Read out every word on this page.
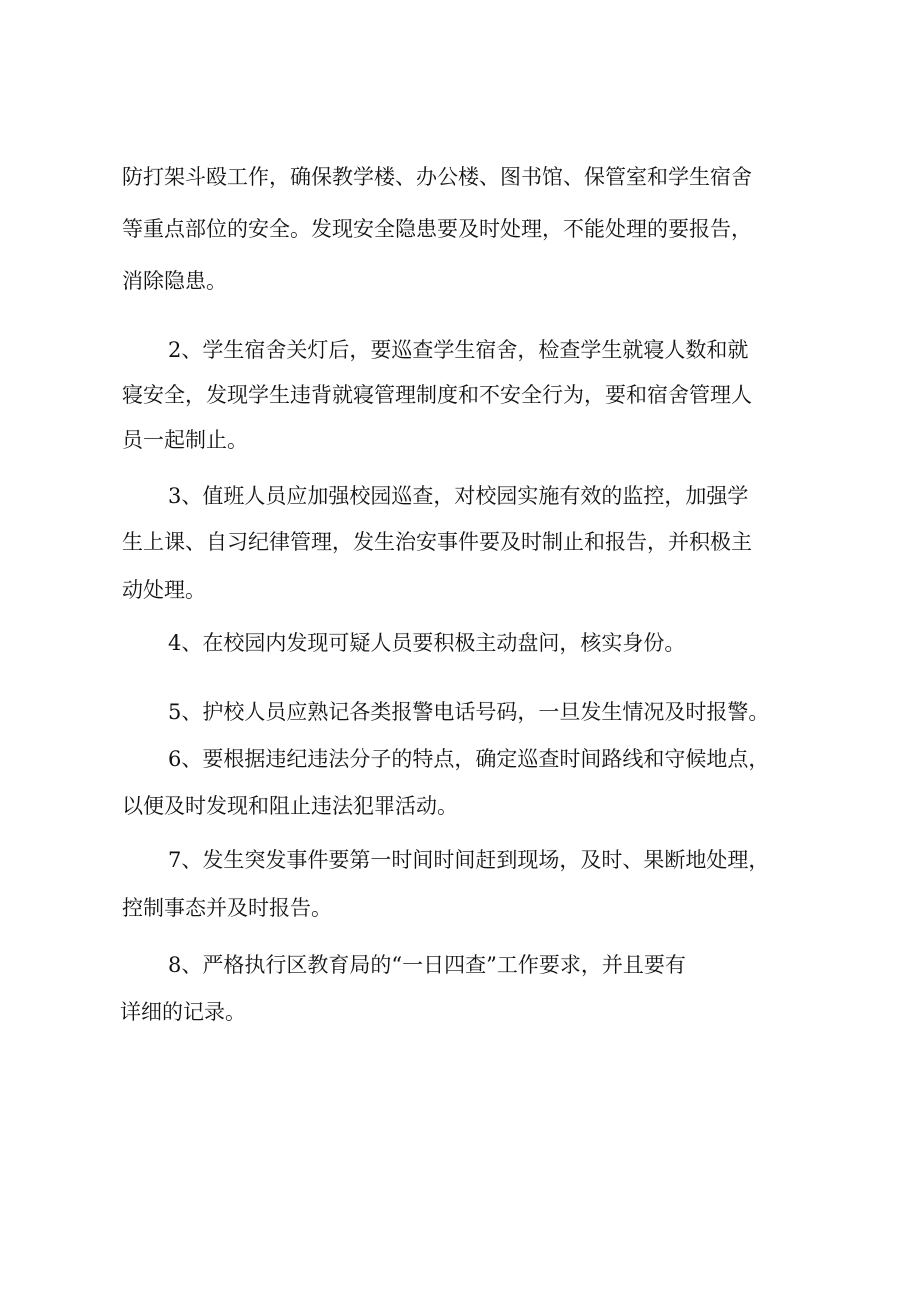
防打架斗殴工作，确保教学楼、办公楼、图书馆、保管室和学生宿舍
等重点部位的安全。发现安全隐患要及时处理，不能处理的要报告，
消除隐患。
2、学生宿舍关灯后，要巡查学生宿舍，检查学生就寝人数和就
寝安全，发现学生违背就寝管理制度和不安全行为，要和宿舍管理人
员一起制止。
3、值班人员应加强校园巡查，对校园实施有效的监控，加强学
生上课、自习纪律管理，发生治安事件要及时制止和报告，并积极主
动处理。
4、在校园内发现可疑人员要积极主动盘问，核实身份。
5、护校人员应熟记各类报警电话号码，一旦发生情况及时报警。
6、要根据违纪违法分子的特点，确定巡查时间路线和守候地点，
以便及时发现和阻止违法犯罪活动。
7、发生突发事件要第一时间时间赶到现场，及时、果断地处理，
控制事态并及时报告。
8、严格执行区教育局的“一日四查”工作要求，并且要有
详细的记录。
